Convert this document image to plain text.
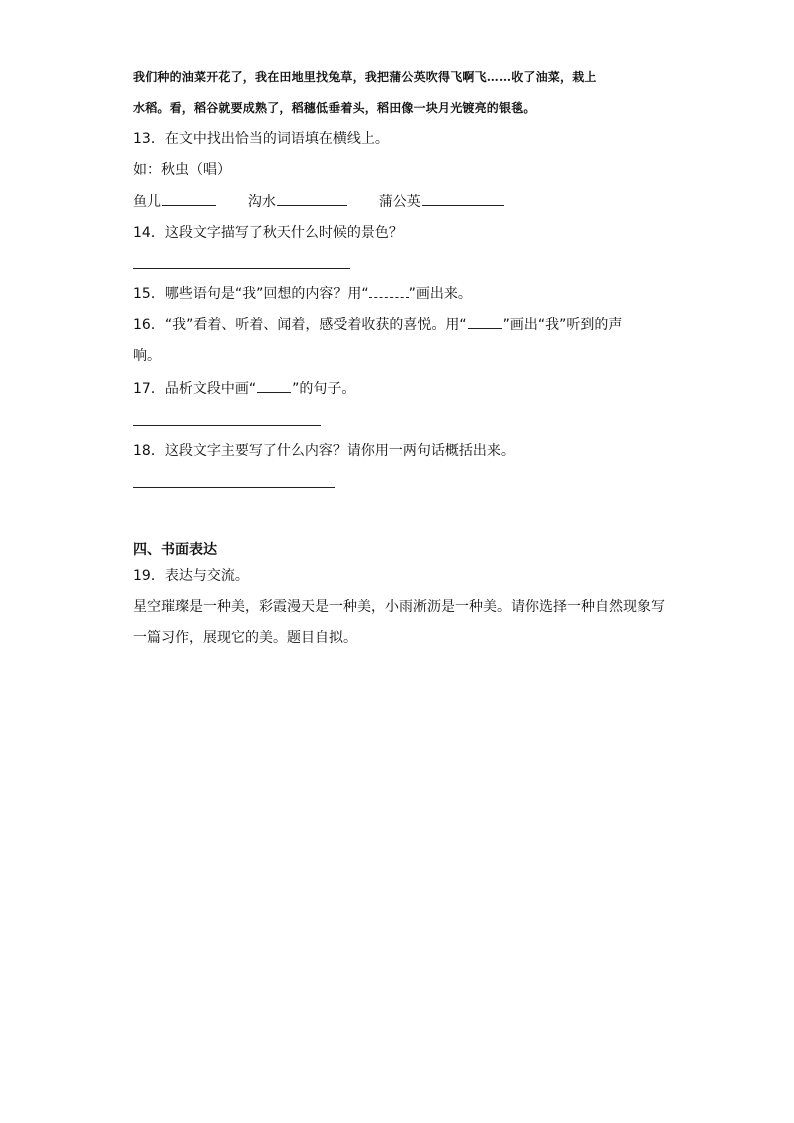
我们种的油菜开花了，我在田地里找兔草，我把蒲公英吹得飞啊飞……收了油菜，栽上
水稻。看，稻谷就要成熟了，稻穗低垂着头，稻田像一块月光镀亮的银毯。
13．在文中找出恰当的词语填在横线上。
如：秋虫（唱）
鱼儿	沟水	蒲公英
14．这段文字描写了秋天什么时候的景色？
15．哪些语句是“我”回想的内容？用“	”画出来。
16．“我”看着、听着、闻着，感受着收获的喜悦。用“	”画出“我”听到的声
响。
17．品析文段中画“	”的句子。
18．这段文字主要写了什么内容？请你用一两句话概括出来。
四、书面表达
19．表达与交流。
星空璀璨是一种美，彩霞漫天是一种美，小雨淅沥是一种美。请你选择一种自然现象写
一篇习作，展现它的美。题目自拟。
